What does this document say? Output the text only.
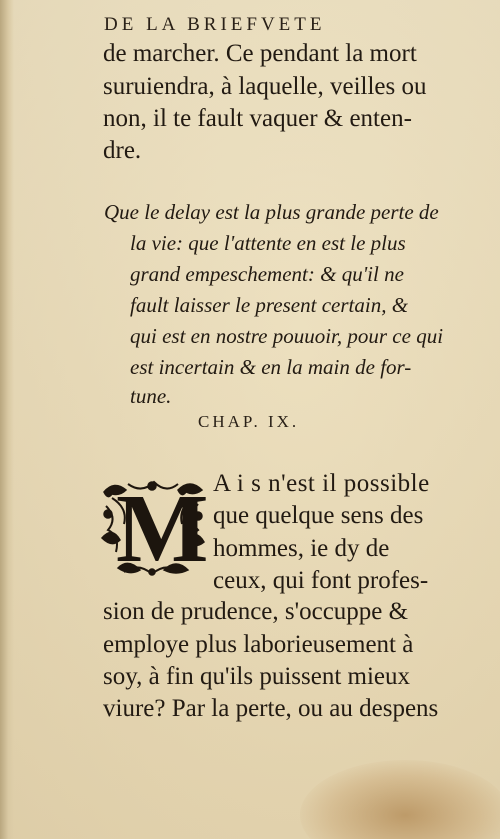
DE LA BRIEFVETE
de marcher. Ce pendant la mort
suruiendra, à laquelle, veilles ou
non, il te fault vaquer & enten-
dre.
Que le delay est la plus grande perte de
la vie: que l'attente en est le plus
grand empeschement: & qu'il ne
fault laisser le present certain, &
qui est en nostre pouuoir, pour ce qui
est incertain & en la main de for-
tune.
CHAP. IX.
M A i s n'est il possible
que quelque sens des
hommes, ie dy de
ceux, qui font profes-
sion de prudence, s'occuppe &
employe plus laborieusement à
soy, à fin qu'ils puissent mieux
viure? Par la perte, ou au despens
